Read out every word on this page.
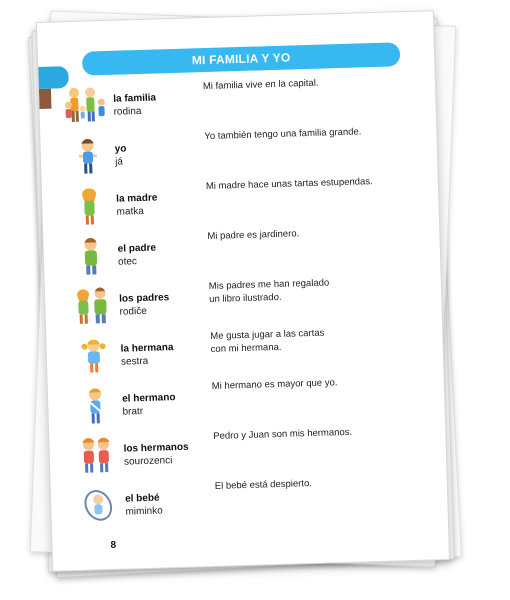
MI FAMILIA Y YO
la familia
rodina
Mi familia vive en la capital.
yo
já
Yo también tengo una familia grande.
la madre
matka
Mi madre hace unas tartas estupendas.
el padre
otec
Mi padre es jardinero.
los padres
rodiče
Mis padres me han regalado
un libro ilustrado.
la hermana
sestra
Me gusta jugar a las cartas
con mi hermana.
el hermano
bratr
Mi hermano es mayor que yo.
los hermanos
sourozenci
Pedro y Juan son mis hermanos.
el bebé
miminko
El bebé está despierto.
8
